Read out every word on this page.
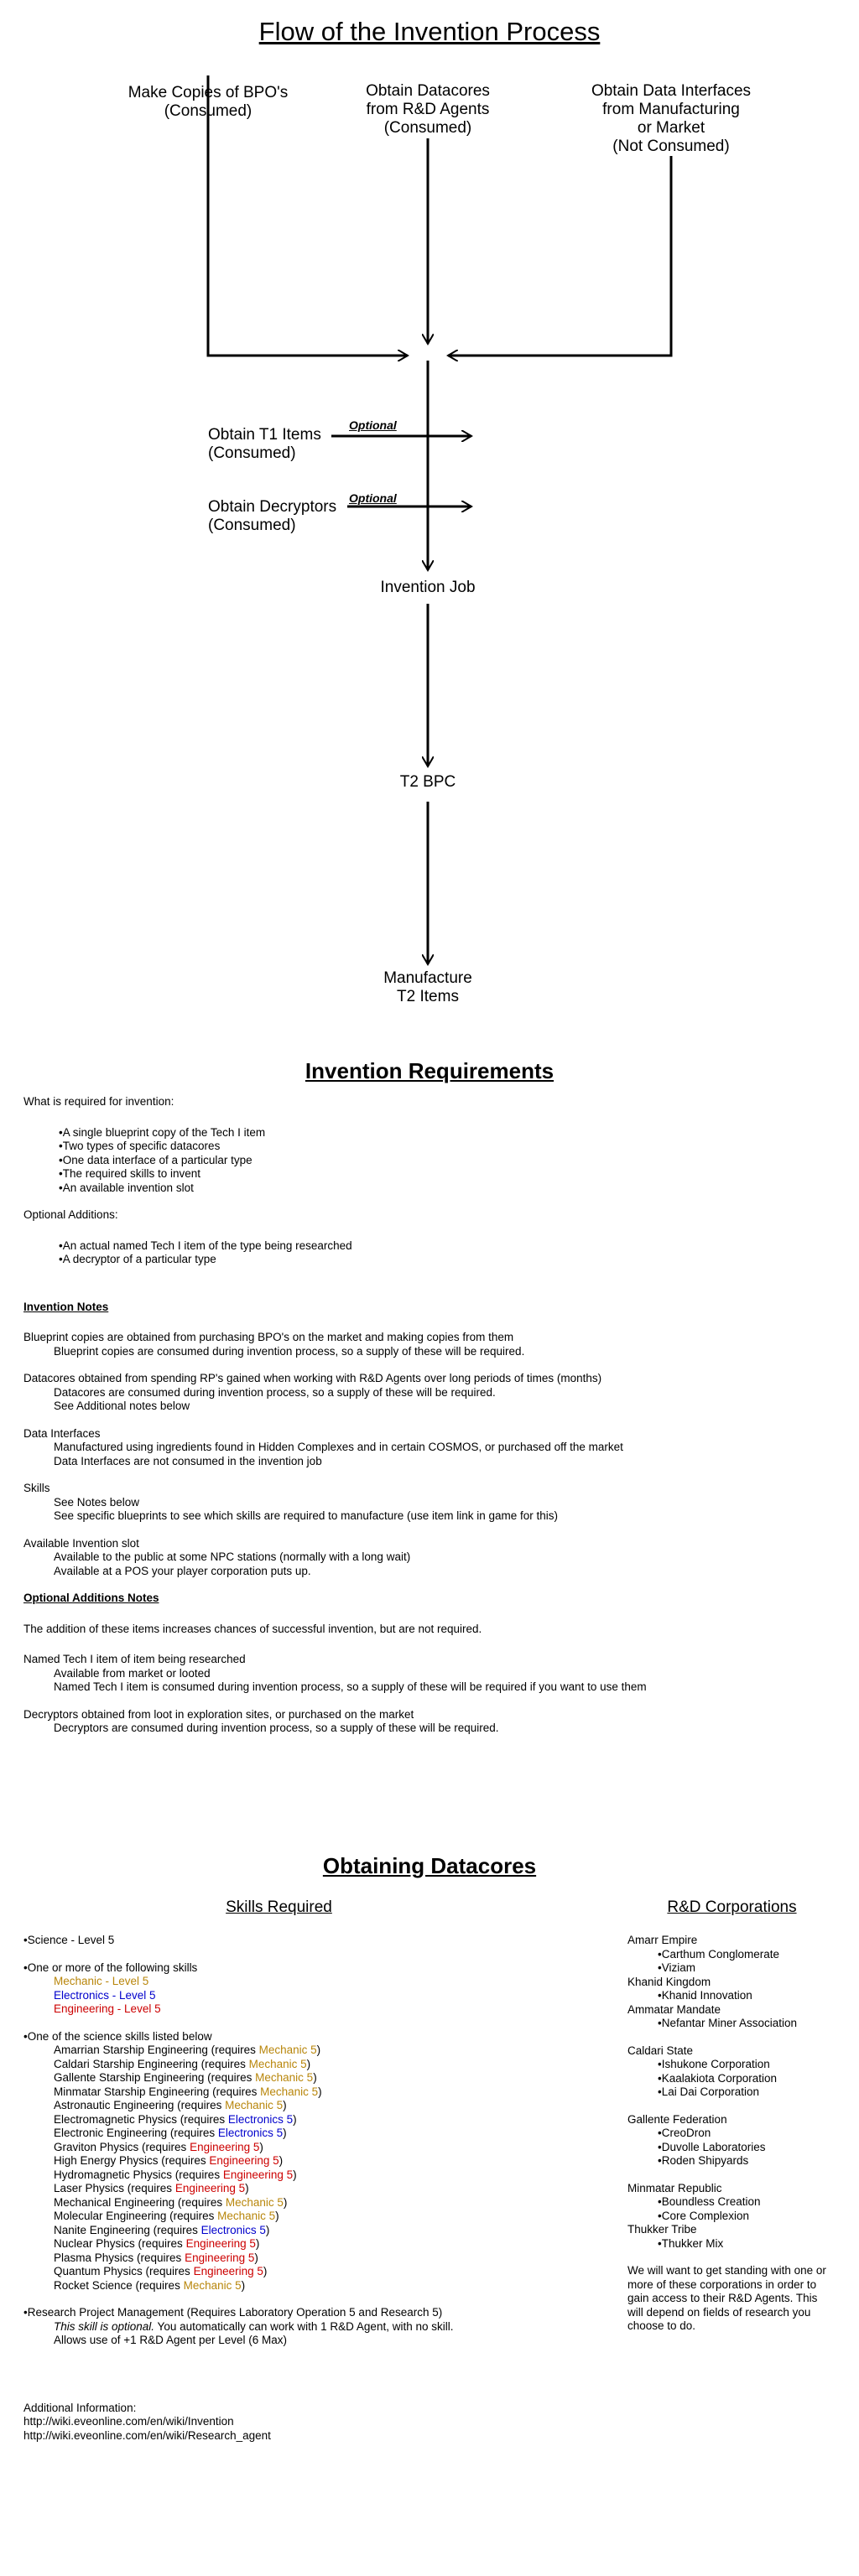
Flow of the Invention Process
Make Copies of BPO's
(Consumed)
Obtain Datacores
from R&D Agents
(Consumed)
Obtain Data Interfaces
from Manufacturing
or Market
(Not Consumed)
Obtain T1 Items
(Consumed)
Optional
Obtain Decryptors
(Consumed)
Optional
Invention Job
T2 BPC
Manufacture
T2 Items
Invention Requirements
What is required for invention:
•A single blueprint copy of the Tech I item
•Two types of specific datacores
•One data interface of a particular type
•The required skills to invent
•An available invention slot
Optional Additions:
•An actual named Tech I item of the type being researched
•A decryptor of a particular type
Invention Notes
Blueprint copies are obtained from purchasing BPO's on the market and making copies from them
Blueprint copies are consumed during invention process, so a supply of these will be required.
Datacores obtained from spending RP's gained when working with R&D Agents over long periods of times (months)
Datacores are consumed during invention process, so a supply of these will be required.
See Additional notes below
Data Interfaces
Manufactured using ingredients found in Hidden Complexes and in certain COSMOS, or purchased off the market
Data Interfaces are not consumed in the invention job
Skills
See Notes below
See specific blueprints to see which skills are required to manufacture (use item link in game for this)
Available Invention slot
Available to the public at some NPC stations (normally with a long wait)
Available at a POS your player corporation puts up.
Optional Additions Notes
The addition of these items increases chances of successful invention, but are not required.
Named Tech I item of item being researched
Available from market or looted
Named Tech I item is consumed during invention process, so a supply of these will be required if you want to use them
Decryptors obtained from loot in exploration sites, or purchased on the market
Decryptors are consumed during invention process, so a supply of these will be required.
Obtaining Datacores
Skills Required	R&D Corporations
•Science - Level 5
•One or more of the following skills
Mechanic - Level 5
Electronics - Level 5
Engineering - Level 5
•One of the science skills listed below
Amarrian Starship Engineering (requires Mechanic 5)
Caldari Starship Engineering (requires Mechanic 5)
Gallente Starship Engineering (requires Mechanic 5)
Minmatar Starship Engineering (requires Mechanic 5)
Astronautic Engineering (requires Mechanic 5)
Electromagnetic Physics (requires Electronics 5)
Electronic Engineering (requires Electronics 5)
Graviton Physics (requires Engineering 5)
High Energy Physics (requires Engineering 5)
Hydromagnetic Physics (requires Engineering 5)
Laser Physics (requires Engineering 5)
Mechanical Engineering (requires Mechanic 5)
Molecular Engineering (requires Mechanic 5)
Nanite Engineering (requires Electronics 5)
Nuclear Physics (requires Engineering 5)
Plasma Physics (requires Engineering 5)
Quantum Physics (requires Engineering 5)
Rocket Science (requires Mechanic 5)
•Research Project Management (Requires Laboratory Operation 5 and Research 5)
This skill is optional. You automatically can work with 1 R&D Agent, with no skill.
Allows use of +1 R&D Agent per Level (6 Max)
Additional Information:
http://wiki.eveonline.com/en/wiki/Invention
http://wiki.eveonline.com/en/wiki/Research_agent
Amarr Empire
•Carthum Conglomerate
•Viziam
Khanid Kingdom
•Khanid Innovation
Ammatar Mandate
•Nefantar Miner Association
Caldari State
•Ishukone Corporation
•Kaalakiota Corporation
•Lai Dai Corporation
Gallente Federation
•CreoDron
•Duvolle Laboratories
•Roden Shipyards
Minmatar Republic
•Boundless Creation
•Core Complexion
Thukker Tribe
•Thukker Mix
We will want to get standing with one or
more of these corporations in order to
gain access to their R&D Agents. This
will depend on fields of research you
choose to do.
